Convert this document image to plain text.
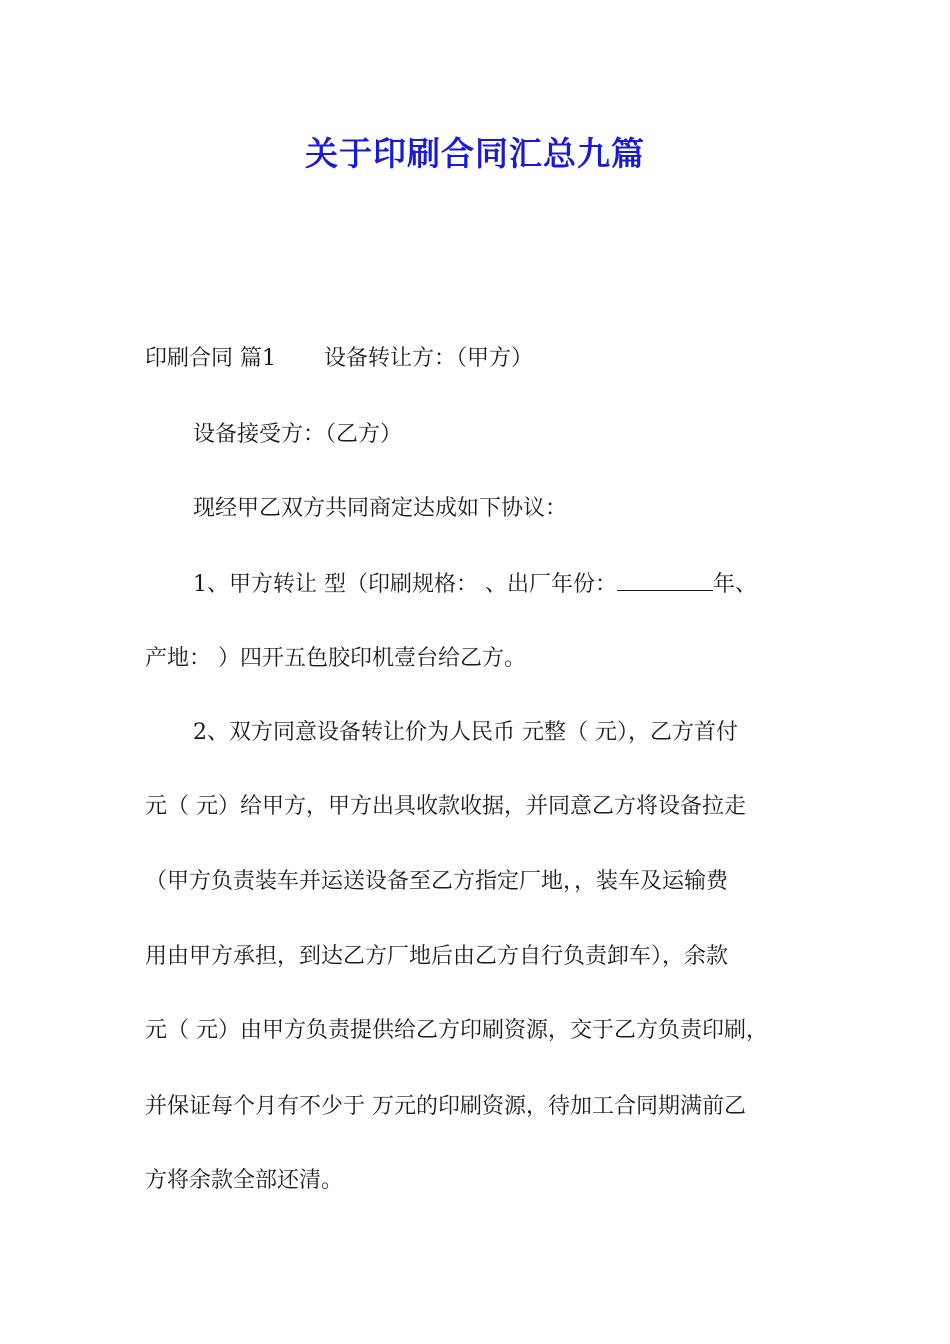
关于印刷合同汇总九篇
印刷合同 篇1 设备转让方：（甲方）
设备接受方：（乙方）
现经甲乙双方共同商定达成如下协议：
1、甲方转让 型（印刷规格： 、出厂年份：	年、
产地： ）四开五色胶印机壹台给乙方。
2、双方同意设备转让价为人民币 元整（ 元），乙方首付
元（ 元）给甲方，甲方出具收款收据，并同意乙方将设备拉走
（甲方负责装车并运送设备至乙方指定厂地，，装车及运输费
用由甲方承担，到达乙方厂地后由乙方自行负责卸车），余款
元（ 元）由甲方负责提供给乙方印刷资源，交于乙方负责印刷，
并保证每个月有不少于 万元的印刷资源，待加工合同期满前乙
方将余款全部还清。
